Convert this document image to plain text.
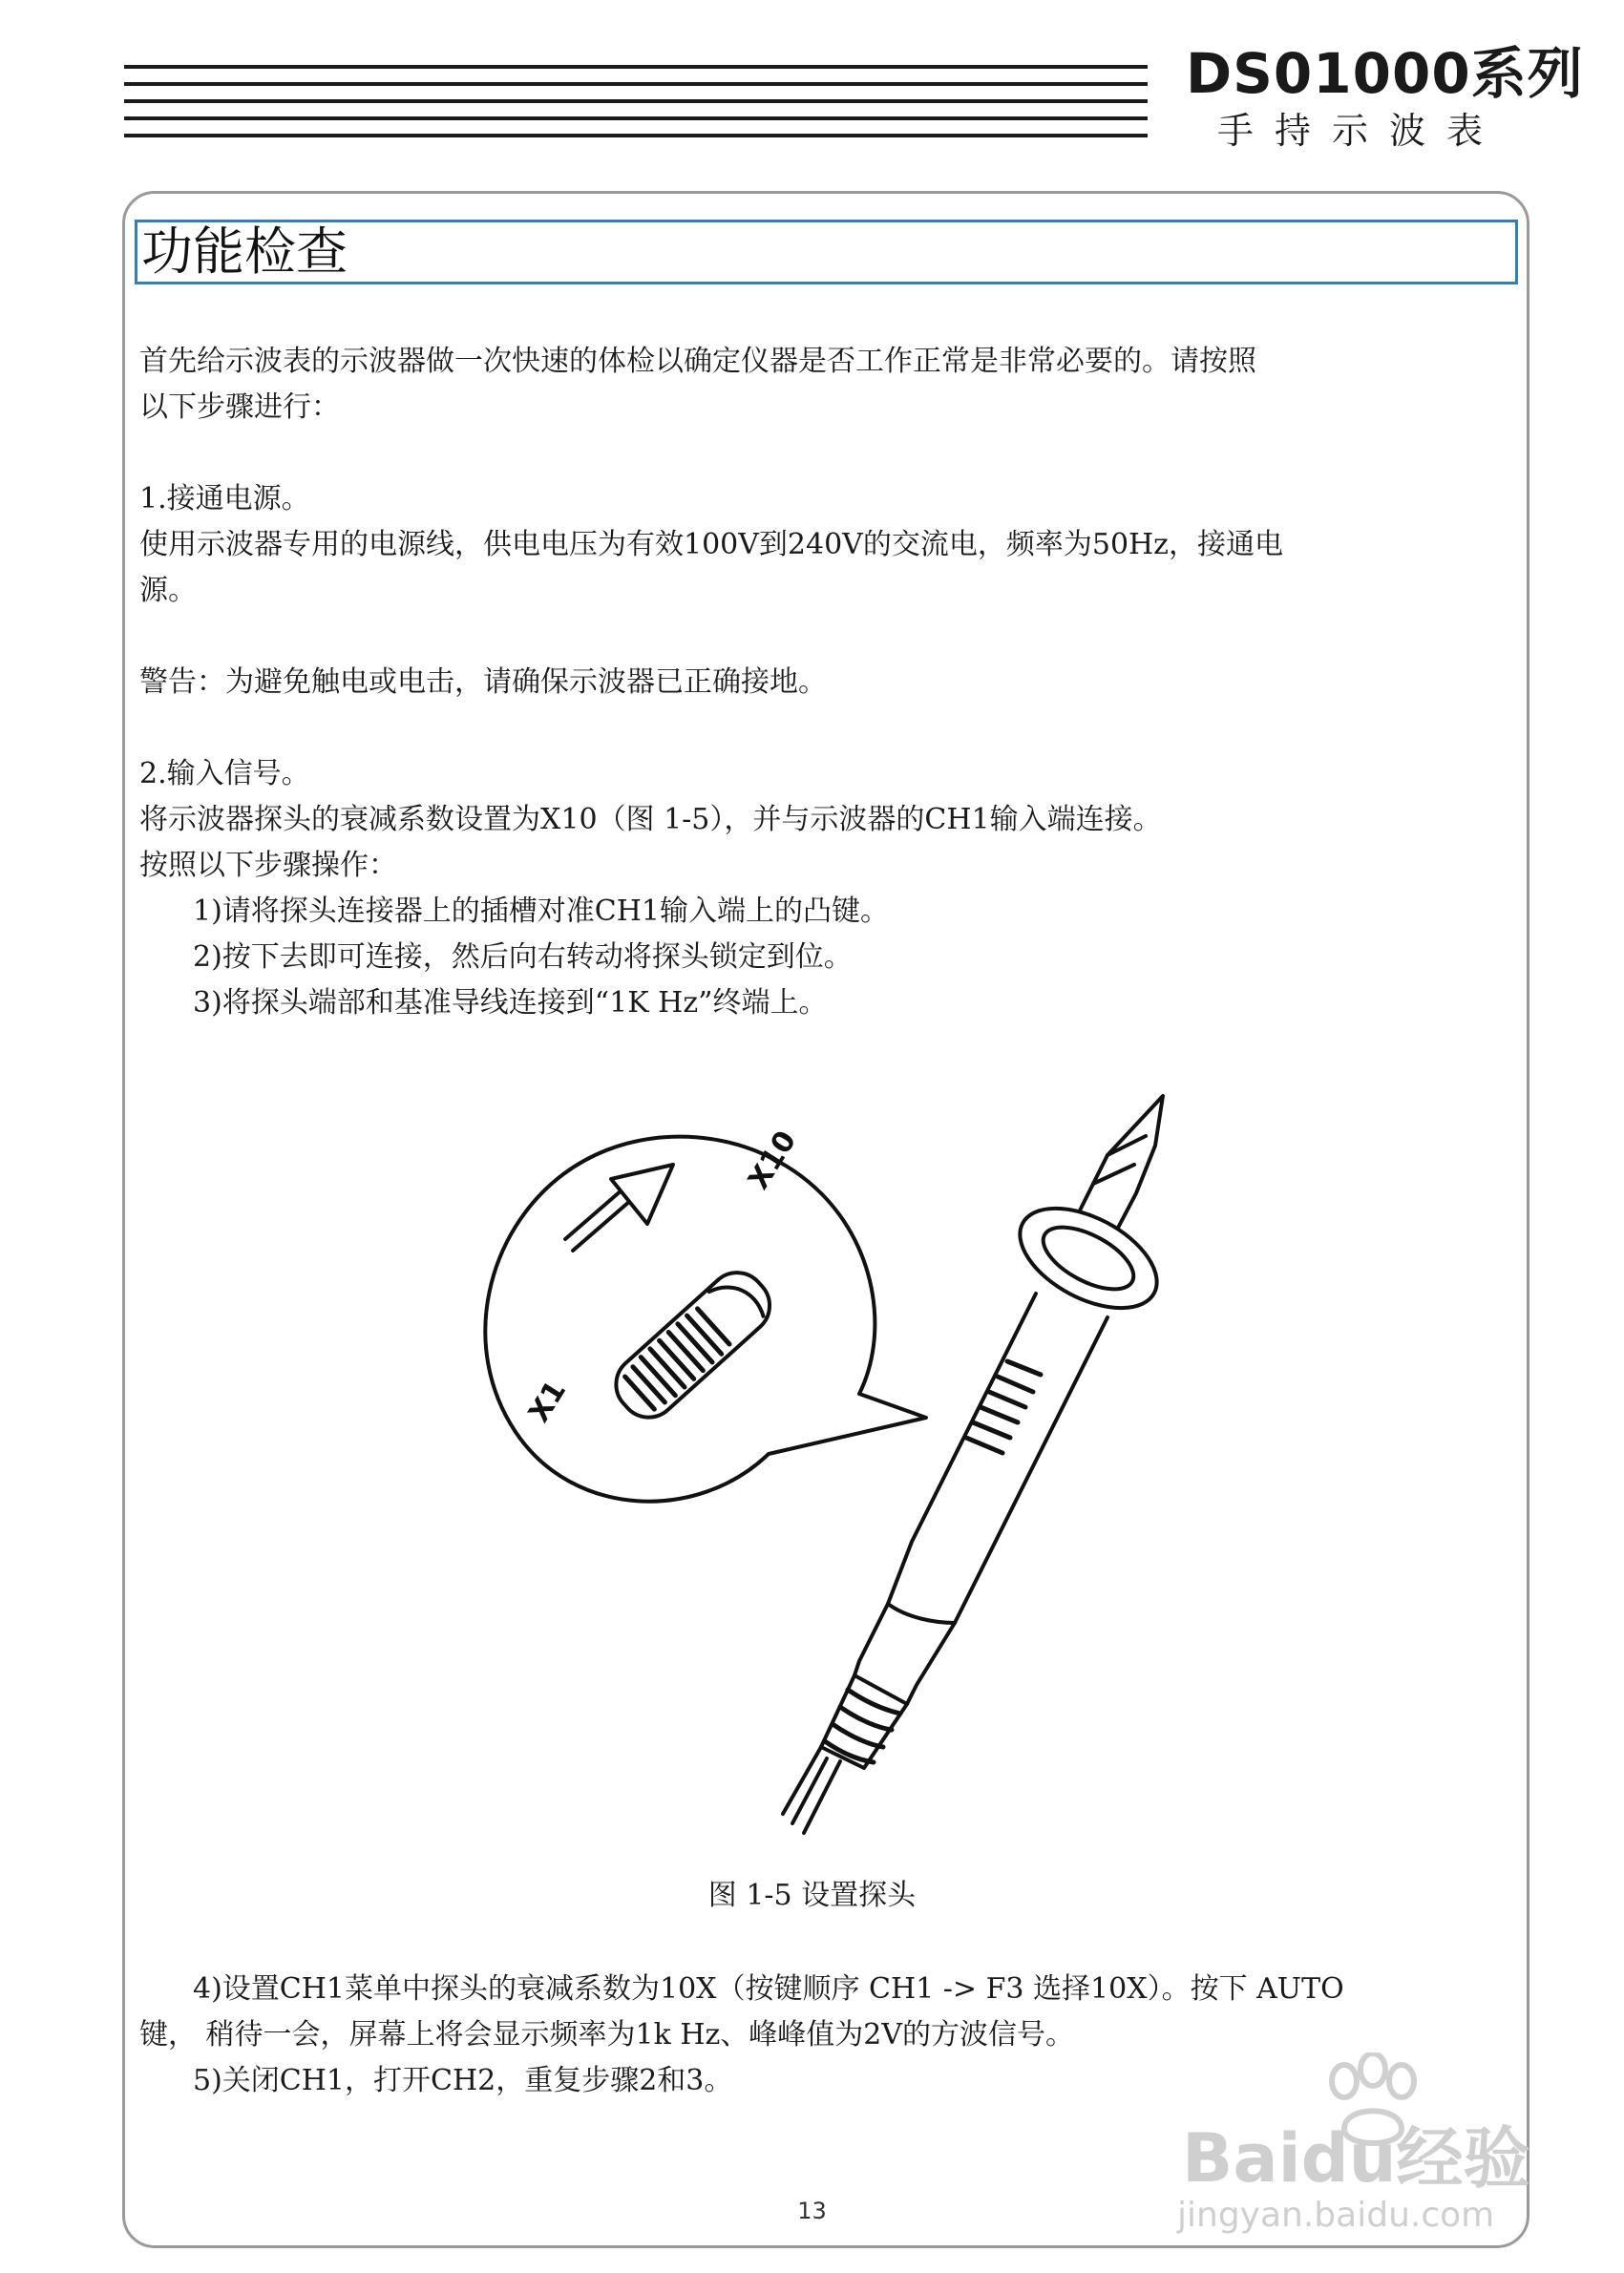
DS01000系列
手持示波表
功能检查

首先给示波表的示波器做一次快速的体检以确定仪器是否工作正常是非常必要的。请按照

以下步骤进行：

1.接通电源。

使用示波器专用的电源线，供电电压为有效100V到240V的交流电，频率为50Hz，接通电

源。

警告：为避免触电或电击，请确保示波器已正确接地。

2.输入信号。

将示波器探头的衰减系数设置为X10（图 1-5），并与示波器的CH1输入端连接。

按照以下步骤操作：

1)请将探头连接器上的插槽对准CH1输入端上的凸键。

2)按下去即可连接，然后向右转动将探头锁定到位。

3)将探头端部和基准导线连接到“1K Hz”终端上。

X10
X1
图 1-5 设置探头

4)设置CH1菜单中探头的衰减系数为10X（按键顺序 CH1 -> F3 选择10X）。按下 AUTO

键， 稍待一会，屏幕上将会显示频率为1k Hz、峰峰值为2V的方波信号。

5)关闭CH1，打开CH2，重复步骤2和3。

13
Baidu经验
jingyan.baidu.com
